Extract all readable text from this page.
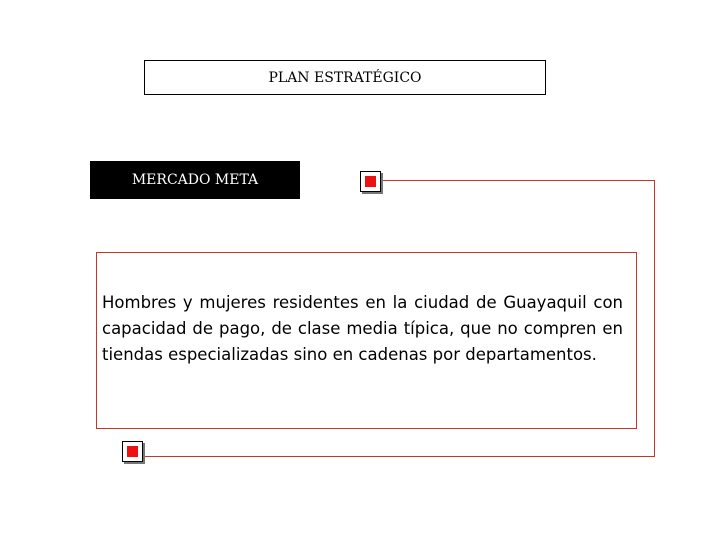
PLAN ESTRATÉGICO
MERCADO META
Hombres y mujeres residentes en la ciudad de Guayaquil con capacidad de pago, de clase media típica, que no compren en tiendas especializadas sino en cadenas por departamentos.
